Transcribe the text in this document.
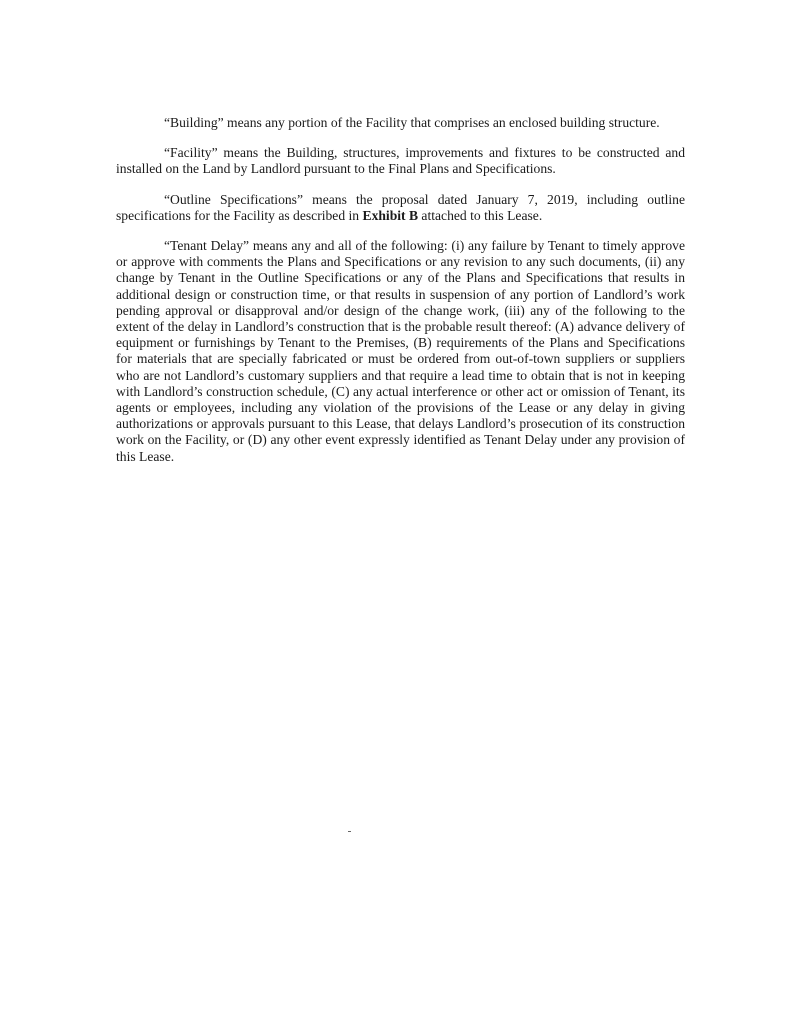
“Building” means any portion of the Facility that comprises an enclosed building structure.

“Facility” means the Building, structures, improvements and fixtures to be constructed and installed on the Land by Landlord pursuant to the Final Plans and Specifications.

“Outline Specifications” means the proposal dated January 7, 2019, including outline specifications for the Facility as described in Exhibit B attached to this Lease.

“Tenant Delay” means any and all of the following: (i) any failure by Tenant to timely approve or approve with comments the Plans and Specifications or any revision to any such documents, (ii) any change by Tenant in the Outline Specifications or any of the Plans and Specifications that results in additional design or construction time, or that results in suspension of any portion of Landlord’s work pending approval or disapproval and/or design of the change work, (iii) any of the following to the extent of the delay in Landlord’s construction that is the probable result thereof: (A) advance delivery of equipment or furnishings by Tenant to the Premises, (B) requirements of the Plans and Specifications for materials that are specially fabricated or must be ordered from out-of-town suppliers or suppliers who are not Landlord’s customary suppliers and that require a lead time to obtain that is not in keeping with Landlord’s construction schedule, (C) any actual interference or other act or omission of Tenant, its agents or employees, including any violation of the provisions of the Lease or any delay in giving authorizations or approvals pursuant to this Lease, that delays Landlord’s prosecution of its construction work on the Facility, or (D) any other event expressly identified as Tenant Delay under any provision of this Lease.
